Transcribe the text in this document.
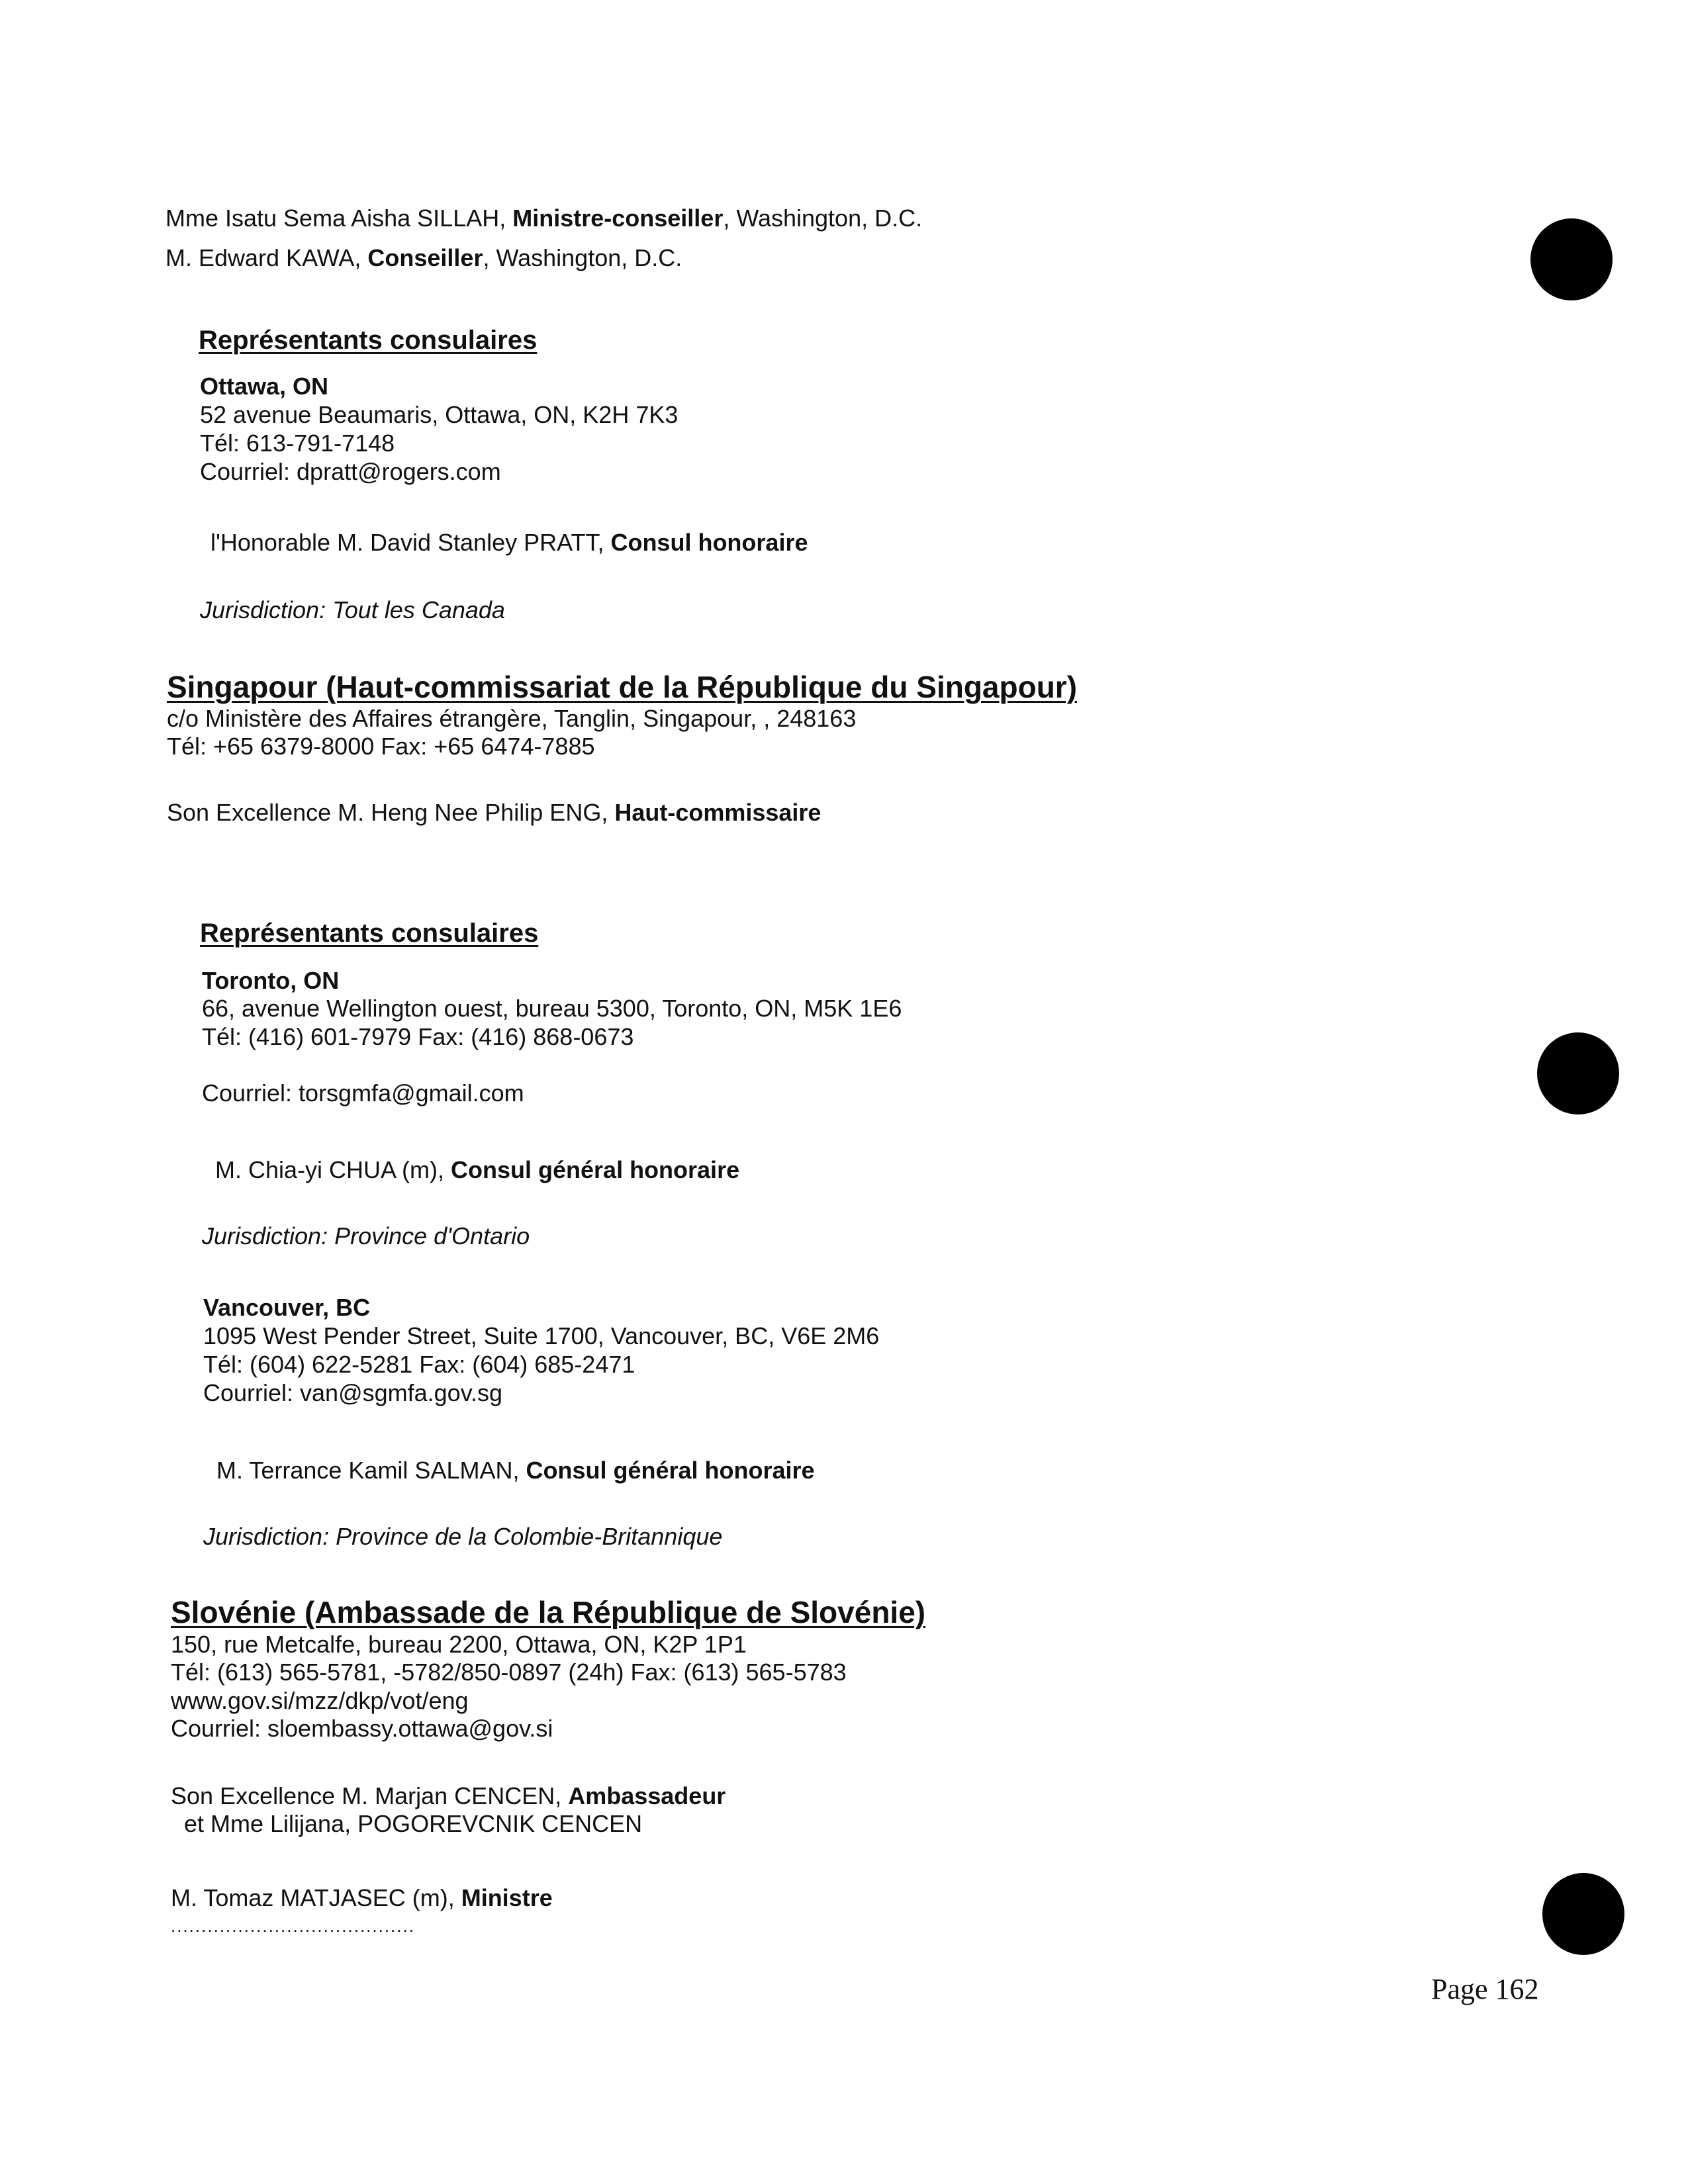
Mme Isatu Sema Aisha SILLAH, Ministre-conseiller, Washington, D.C.
M. Edward KAWA, Conseiller, Washington, D.C.
Représentants consulaires
Ottawa, ON
52 avenue Beaumaris, Ottawa, ON, K2H 7K3
Tél: 613-791-7148
Courriel: dpratt@rogers.com
l'Honorable M. David Stanley PRATT, Consul honoraire
Jurisdiction: Tout les Canada
Singapour (Haut-commissariat de la République du Singapour)
c/o Ministère des Affaires étrangère, Tanglin, Singapour, , 248163
Tél: +65 6379-8000 Fax: +65 6474-7885
Son Excellence M. Heng Nee Philip ENG, Haut-commissaire
Représentants consulaires
Toronto, ON
66, avenue Wellington ouest, bureau 5300, Toronto, ON, M5K 1E6
Tél: (416) 601-7979 Fax: (416) 868-0673
Courriel: torsgmfa@gmail.com
M. Chia-yi CHUA (m), Consul général honoraire
Jurisdiction: Province d'Ontario
Vancouver, BC
1095 West Pender Street, Suite 1700, Vancouver, BC, V6E 2M6
Tél: (604) 622-5281 Fax: (604) 685-2471
Courriel: van@sgmfa.gov.sg
M. Terrance Kamil SALMAN, Consul général honoraire
Jurisdiction: Province de la Colombie-Britannique
Slovénie (Ambassade de la République de Slovénie)
150, rue Metcalfe, bureau 2200, Ottawa, ON, K2P 1P1
Tél: (613) 565-5781, -5782/850-0897 (24h) Fax: (613) 565-5783
www.gov.si/mzz/dkp/vot/eng
Courriel: sloembassy.ottawa@gov.si
Son Excellence M. Marjan CENCEN, Ambassadeur
et Mme Lilijana, POGOREVCNIK CENCEN
M. Tomaz MATJASEC (m), Ministre
........................................
Page 162
